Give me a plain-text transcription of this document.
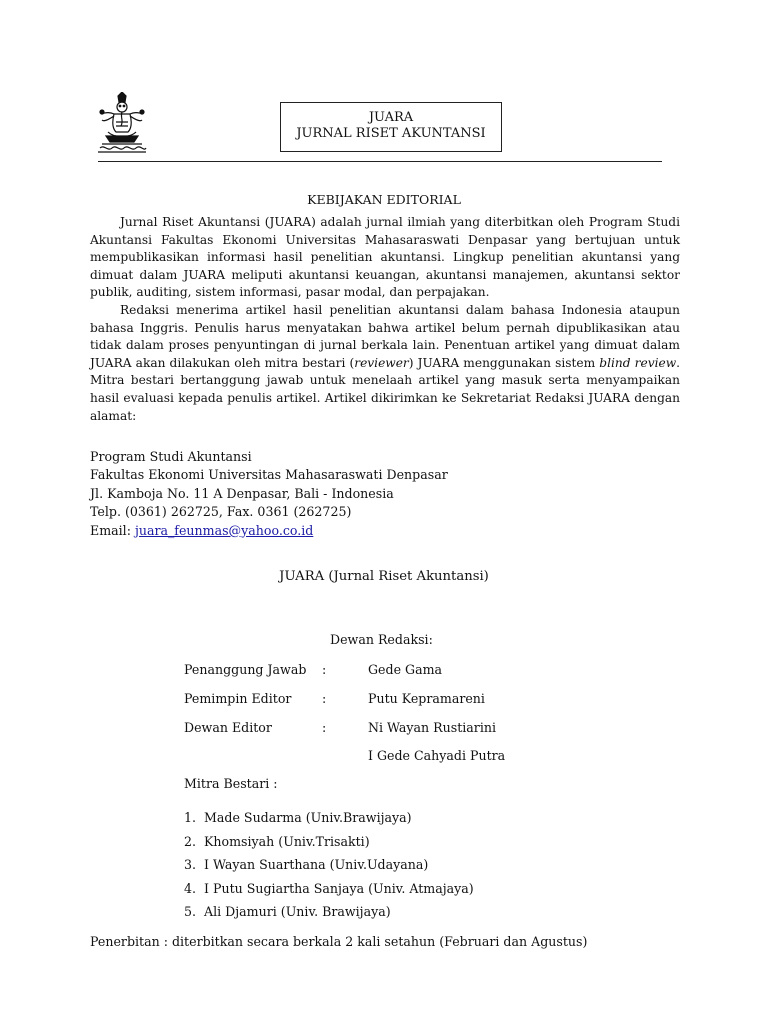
JUARA
JURNAL RISET AKUNTANSI
KEBIJAKAN EDITORIAL

Jurnal Riset Akuntansi (JUARA) adalah jurnal ilmiah yang diterbitkan oleh Program Studi Akuntansi Fakultas Ekonomi Universitas Mahasaraswati Denpasar yang bertujuan untuk mempublikasikan informasi hasil penelitian akuntansi. Lingkup penelitian akuntansi yang dimuat dalam JUARA meliputi akuntansi keuangan, akuntansi manajemen, akuntansi sektor publik, auditing, sistem informasi, pasar modal, dan perpajakan.

Redaksi menerima artikel hasil penelitian akuntansi dalam bahasa Indonesia ataupun bahasa Inggris. Penulis harus menyatakan bahwa artikel belum pernah dipublikasikan atau tidak dalam proses penyuntingan di jurnal berkala lain. Penentuan artikel yang dimuat dalam JUARA akan dilakukan oleh mitra bestari (reviewer) JUARA menggunakan sistem blind review. Mitra bestari bertanggung jawab untuk menelaah artikel yang masuk serta menyampaikan hasil evaluasi kepada penulis artikel. Artikel dikirimkan ke Sekretariat Redaksi JUARA dengan alamat:

Program Studi Akuntansi
Fakultas Ekonomi Universitas Mahasaraswati Denpasar
Jl. Kamboja No. 11 A Denpasar, Bali - Indonesia
Telp. (0361) 262725, Fax. 0361 (262725)
Email: juara_feunmas@yahoo.co.id
JUARA (Jurnal Riset Akuntansi)
Dewan Redaksi:
Penanggung Jawab :	Gede Gama
Pemimpin Editor :	Putu Kepramareni
Dewan Editor	:	Ni Wayan Rustiarini
I Gede Cahyadi Putra
Mitra Bestari :
1. Made Sudarma (Univ.Brawijaya)
2. Khomsiyah (Univ.Trisakti)
3. I Wayan Suarthana (Univ.Udayana)
4. I Putu Sugiartha Sanjaya (Univ. Atmajaya)
5. Ali Djamuri (Univ. Brawijaya)
Penerbitan : diterbitkan secara berkala 2 kali setahun (Februari dan Agustus)
